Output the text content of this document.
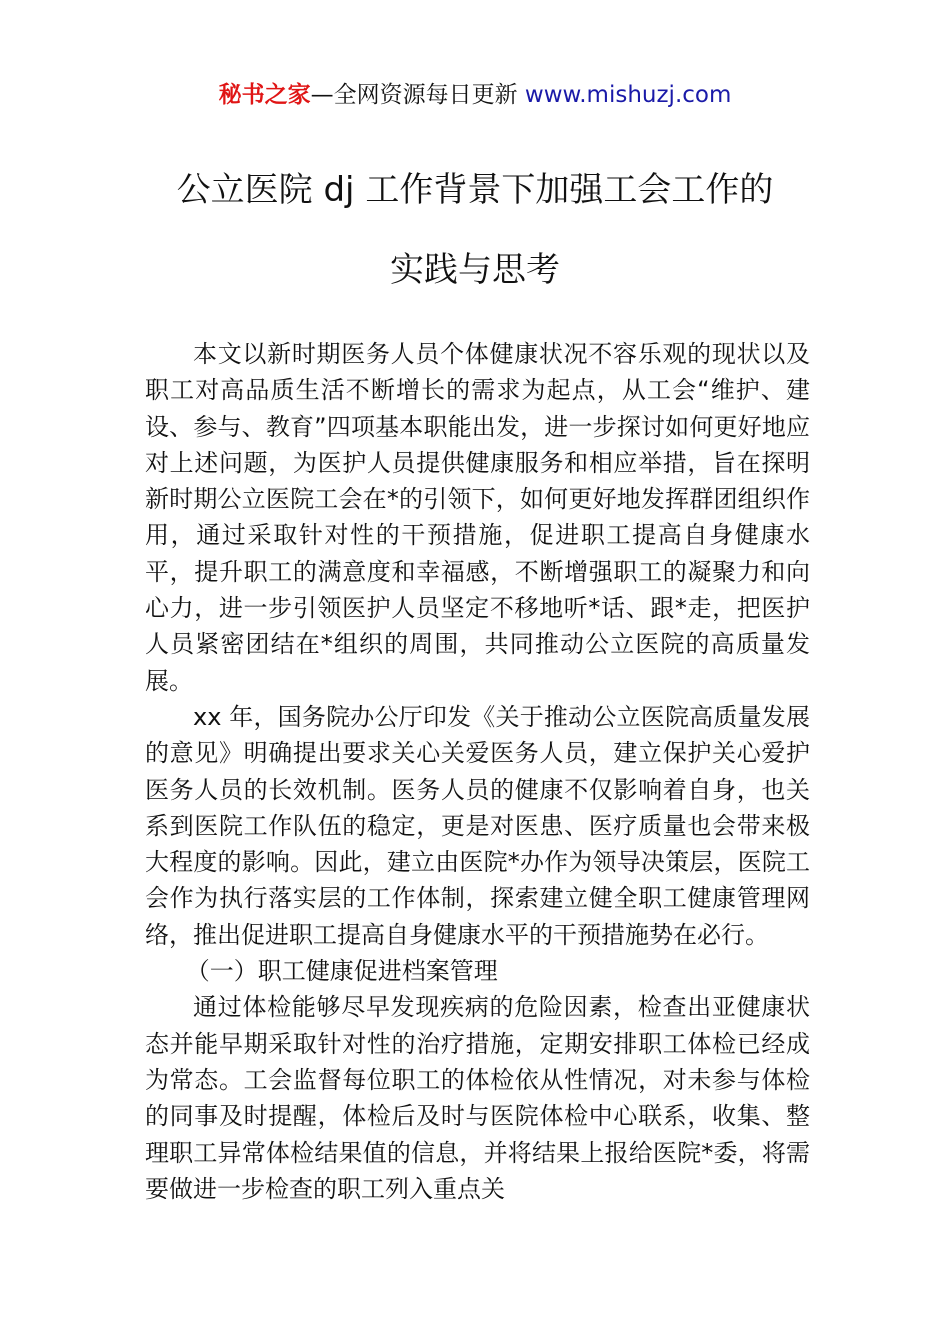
秘书之家—全网资源每日更新 www.mishuzj.com
公立医院 dj 工作背景下加强工会工作的
实践与思考

本文以新时期医务人员个体健康状况不容乐观的现状以及职工对高品质生活不断增长的需求为起点，从工会“维护、建设、参与、教育”四项基本职能出发，进一步探讨如何更好地应对上述问题，为医护人员提供健康服务和相应举措，旨在探明新时期公立医院工会在*的引领下，如何更好地发挥群团组织作用，通过采取针对性的干预措施，促进职工提高自身健康水平，提升职工的满意度和幸福感，不断增强职工的凝聚力和向心力，进一步引领医护人员坚定不移地听*话、跟*走，把医护人员紧密团结在*组织的周围，共同推动公立医院的高质量发展。

xx 年，国务院办公厅印发《关于推动公立医院高质量发展的意见》明确提出要求关心关爱医务人员，建立保护关心爱护医务人员的长效机制。医务人员的健康不仅影响着自身，也关系到医院工作队伍的稳定，更是对医患、医疗质量也会带来极大程度的影响。因此，建立由医院*办作为领导决策层，医院工会作为执行落实层的工作体制，探索建立健全职工健康管理网络，推出促进职工提高自身健康水平的干预措施势在必行。

（一）职工健康促进档案管理

通过体检能够尽早发现疾病的危险因素，检查出亚健康状态并能早期采取针对性的治疗措施，定期安排职工体检已经成为常态。工会监督每位职工的体检依从性情况，对未参与体检的同事及时提醒，体检后及时与医院体检中心联系，收集、整理职工异常体检结果值的信息，并将结果上报给医院*委，将需要做进一步检查的职工列入重点关
